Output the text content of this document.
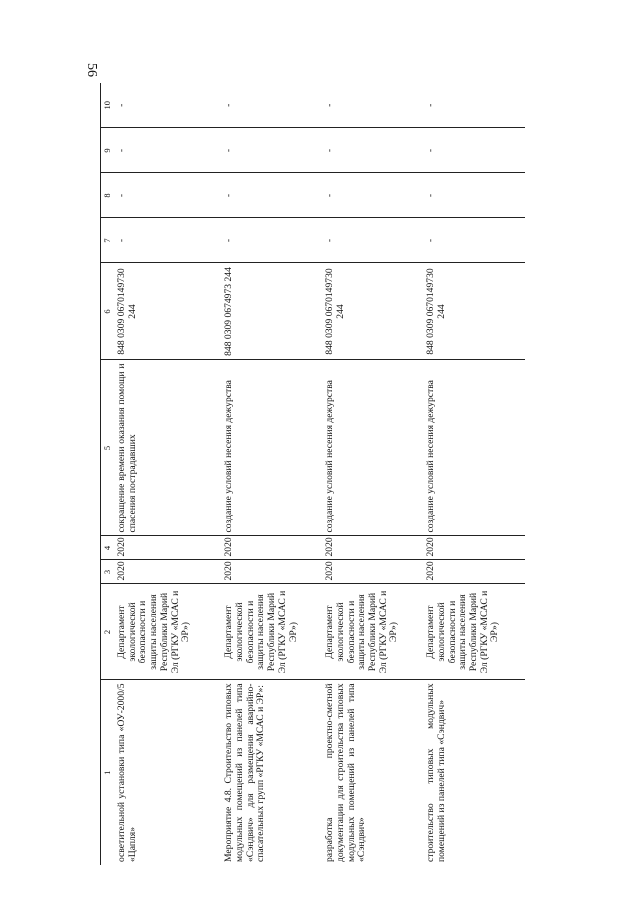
56
1	2	3	4	5	6	7	8	9	10
осветительной установки типа «ОУ-2000/5 «Цапля»	Департамент экологической безопасности и защиты населения Республики Марий Эл (РГКУ «МСАС и ЭР»)	2020	2020	сокращение времени оказания помощи и спасения пострадавших	848 0309 0670149730 244	-	-	-	-
Мероприятие 4.8. Строительство типовых модульных помещений из панелей типа «Сэндвич» для размещения аварийно-спасательных групп «РГКУ «МСАС и ЭР»:	Департамент экологической безопасности и защиты населения Республики Марий Эл (РГКУ «МСАС и ЭР»)	2020	2020	создание условий несения дежурства	848 0309 0674973 244	-	-	-	-
разработка проектно-сметной документации для строительства типовых модульных помещений из панелей типа «Сэндвич»	Департамент экологической безопасности и защиты населения Республики Марий Эл (РГКУ «МСАС и ЭР»)	2020	2020	создание условий несения дежурства	848 0309 0670149730 244	-	-	-	-
строительство типовых модульных помещений из панелей типа «Сэндвич»	Департамент экологической безопасности и защиты населения Республики Марий Эл (РГКУ «МСАС и ЭР»)	2020	2020	создание условий несения дежурства	848 0309 0670149730 244	-	-	-	-
